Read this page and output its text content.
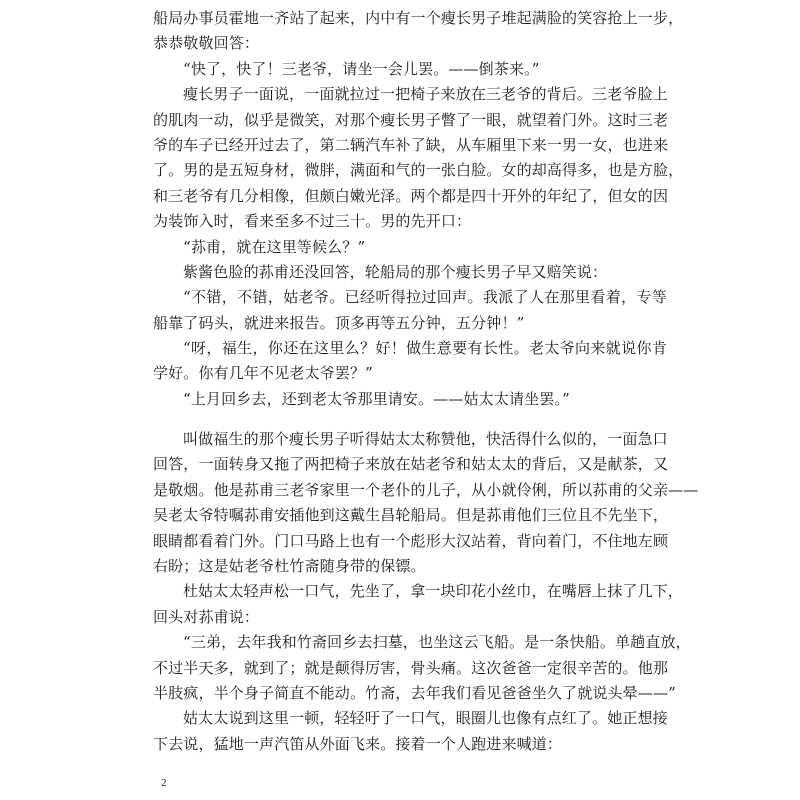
船局办事员霍地一齐站了起来，内中有一个瘦长男子堆起满脸的笑容抢上一步，
恭恭敬敬回答：
“快了，快了！三老爷，请坐一会儿罢。——倒茶来。”
瘦长男子一面说，一面就拉过一把椅子来放在三老爷的背后。三老爷脸上
的肌肉一动，似乎是微笑，对那个瘦长男子瞥了一眼，就望着门外。这时三老
爷的车子已经开过去了，第二辆汽车补了缺，从车厢里下来一男一女，也进来
了。男的是五短身材，微胖，满面和气的一张白脸。女的却高得多，也是方脸，
和三老爷有几分相像，但颇白嫩光泽。两个都是四十开外的年纪了，但女的因
为装饰入时，看来至多不过三十。男的先开口：
“荪甫，就在这里等候么？”
紫酱色脸的荪甫还没回答，轮船局的那个瘦长男子早又赔笑说：
“不错，不错，姑老爷。已经听得拉过回声。我派了人在那里看着，专等
船靠了码头，就进来报告。顶多再等五分钟，五分钟！”
“呀，福生，你还在这里么？好！做生意要有长性。老太爷向来就说你肯
学好。你有几年不见老太爷罢？”
“上月回乡去，还到老太爷那里请安。——姑太太请坐罢。”
叫做福生的那个瘦长男子听得姑太太称赞他，快活得什么似的，一面急口
回答，一面转身又拖了两把椅子来放在姑老爷和姑太太的背后，又是献茶，又
是敬烟。他是荪甫三老爷家里一个老仆的儿子，从小就伶俐，所以荪甫的父亲——
吴老太爷特嘱荪甫安插他到这戴生昌轮船局。但是荪甫他们三位且不先坐下，
眼睛都看着门外。门口马路上也有一个彪形大汉站着，背向着门，不住地左顾
右盼；这是姑老爷杜竹斋随身带的保镖。
杜姑太太轻声松一口气，先坐了，拿一块印花小丝巾，在嘴唇上抹了几下，
回头对荪甫说：
“三弟，去年我和竹斋回乡去扫墓，也坐这云飞船。是一条快船。单趟直放，
不过半天多，就到了；就是颠得厉害，骨头痛。这次爸爸一定很辛苦的。他那
半肢疯，半个身子简直不能动。竹斋，去年我们看见爸爸坐久了就说头晕——”
姑太太说到这里一顿，轻轻吁了一口气，眼圈儿也像有点红了。她正想接
下去说，猛地一声汽笛从外面飞来。接着一个人跑进来喊道：
2
